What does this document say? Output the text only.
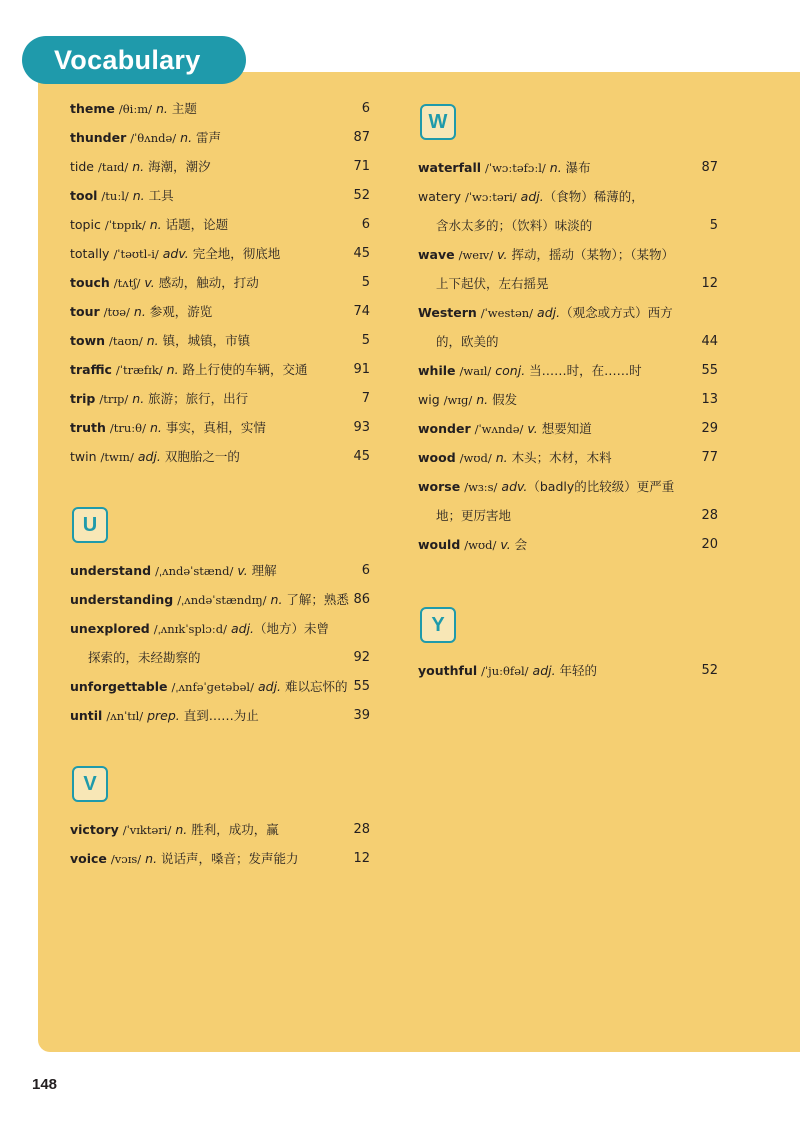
Vocabulary
theme /θiːm/ n. 主题	6
thunder /ˈθʌndə/ n. 雷声	87
tide /taɪd/ n. 海潮，潮汐	71
tool /tuːl/ n. 工具	52
topic /ˈtɒpɪk/ n. 话题，论题	6
totally /ˈtəʊtl-i/ adv. 完全地，彻底地	45
touch /tʌtʃ/ v. 感动，触动，打动	5
tour /tʊə/ n. 参观，游览	74
town /taʊn/ n. 镇，城镇，市镇	5
traffic /ˈtræfɪk/ n. 路上行使的车辆，交通	91
trip /trɪp/ n. 旅游；旅行，出行	7
truth /truːθ/ n. 事实，真相，实情	93
twin /twɪn/ adj. 双胞胎之一的	45
U
understand /ˌʌndəˈstænd/ v. 理解	6
understanding /ˌʌndəˈstændɪŋ/ n. 了解；熟悉 86
unexplored /ˌʌnɪkˈsplɔːd/ adj.（地方）未曾
探索的，未经勘察的	92
unforgettable /ˌʌnfəˈɡetəbəl/ adj. 难以忘怀的 55
until /ʌnˈtɪl/ prep. 直到……为止	39
V
victory /ˈvɪktəri/ n. 胜利，成功，赢	28
voice /vɔɪs/ n. 说话声，嗓音；发声能力	12
W
waterfall /ˈwɔːtəfɔːl/ n. 瀑布	87
watery /ˈwɔːtəri/ adj.（食物）稀薄的，
含水太多的；（饮料）味淡的	5
wave /weɪv/ v. 挥动，摇动（某物）；（某物）
上下起伏，左右摇晃	12
Western /ˈwestən/ adj.（观念或方式）西方
的，欧美的	44
while /waɪl/ conj. 当……时，在……时	55
wig /wɪɡ/ n. 假发	13
wonder /ˈwʌndə/ v. 想要知道	29
wood /wʊd/ n. 木头；木材，木料	77
worse /wɜːs/ adv.（badly的比较级）更严重
地；更厉害地	28
would /wʊd/ v. 会	20
Y
youthful /ˈjuːθfəl/ adj. 年轻的	52
148
